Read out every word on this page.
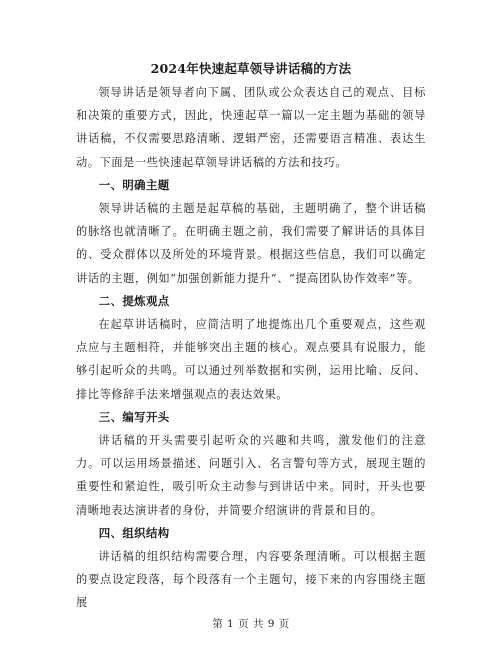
2024年快速起草领导讲话稿的方法

领导讲话是领导者向下属、团队或公众表达自己的观点、目标和决策的重要方式，因此，快速起草一篇以一定主题为基础的领导讲话稿，不仅需要思路清晰、逻辑严密，还需要语言精准、表达生动。下面是一些快速起草领导讲话稿的方法和技巧。

一、明确主题

领导讲话稿的主题是起草稿的基础，主题明确了，整个讲话稿的脉络也就清晰了。在明确主题之前，我们需要了解讲话的具体目的、受众群体以及所处的环境背景。根据这些信息，我们可以确定讲话的主题，例如“加强创新能力提升”、“提高团队协作效率”等。

二、提炼观点

在起草讲话稿时，应简洁明了地提炼出几个重要观点，这些观点应与主题相符，并能够突出主题的核心。观点要具有说服力，能够引起听众的共鸣。可以通过列举数据和实例，运用比喻、反问、排比等修辞手法来增强观点的表达效果。

三、编写开头

讲话稿的开头需要引起听众的兴趣和共鸣，激发他们的注意力。可以运用场景描述、问题引入、名言警句等方式，展现主题的重要性和紧迫性，吸引听众主动参与到讲话中来。同时，开头也要清晰地表达演讲者的身份，并简要介绍演讲的背景和目的。

四、组织结构

讲话稿的组织结构需要合理，内容要条理清晰。可以根据主题的要点设定段落，每个段落有一个主题句，接下来的内容围绕主题展

第 1 页 共 9 页
